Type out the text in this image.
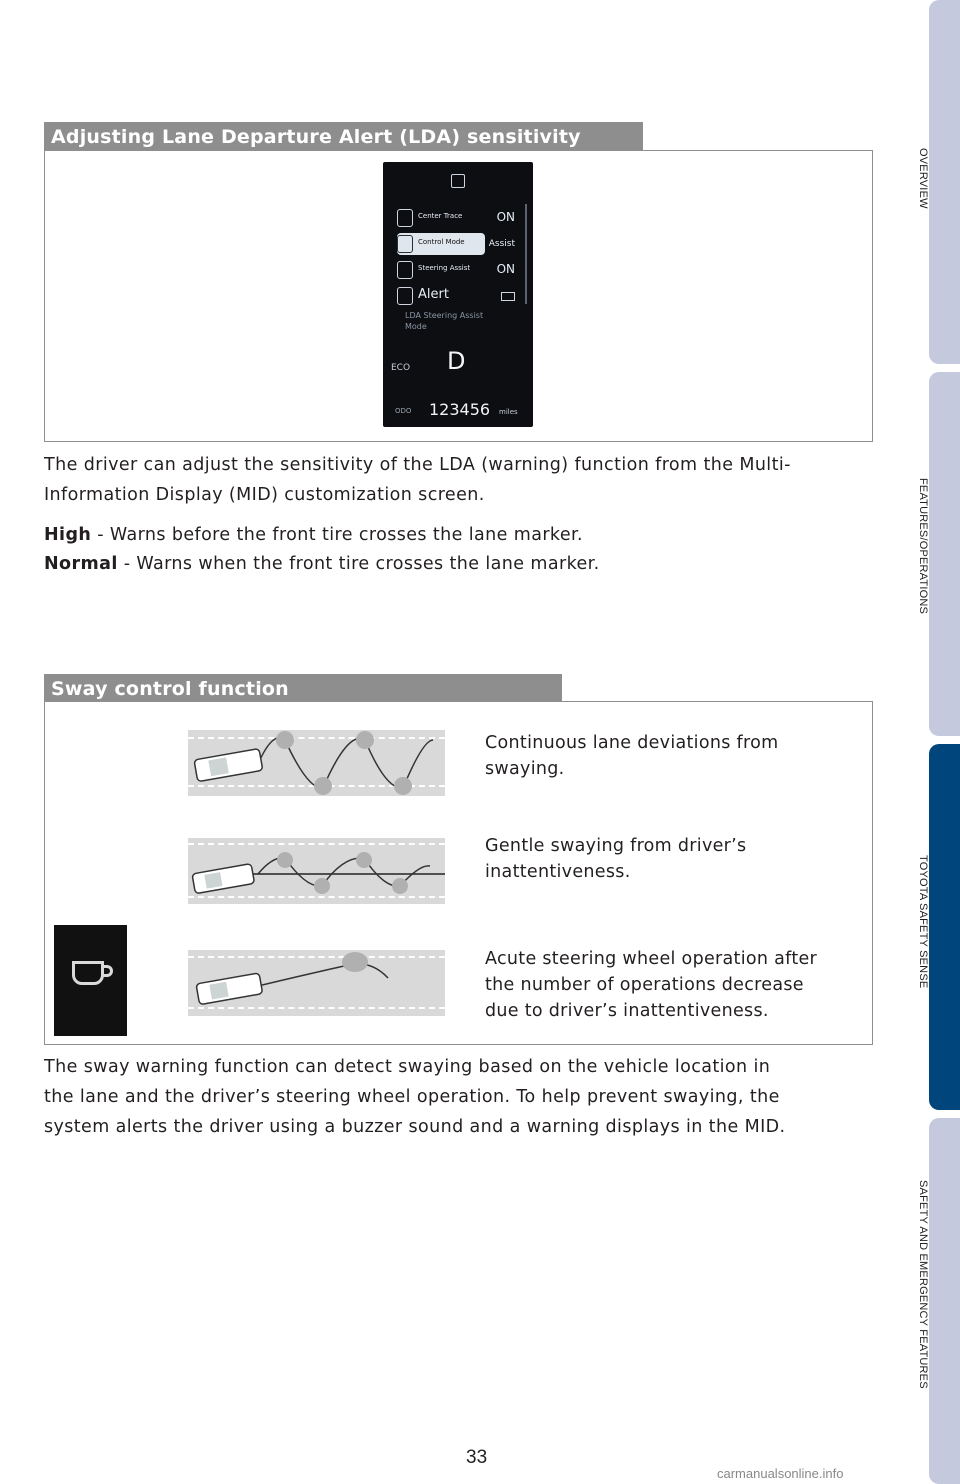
Adjusting Lane Departure Alert (LDA) sensitivity
Center Trace	ON
Control Mode	Assist
Steering Assist ON
Alert
LDA Steering Assist Mode
ECO D
ODO 123456 miles
The driver can adjust the sensitivity of the LDA (warning) function from the Multi-
Information Display (MID) customization screen.
High - Warns before the front tire crosses the lane marker.
Normal - Warns when the front tire crosses the lane marker.
Sway control function
Continuous lane deviations from
swaying.
Gentle swaying from driver’s
inattentiveness.
Acute steering wheel operation after
the number of operations decrease
due to driver’s inattentiveness.
The sway warning function can detect swaying based on the vehicle location in
the lane and the driver’s steering wheel operation. To help prevent swaying, the
system alerts the driver using a buzzer sound and a warning displays in the MID.
OVERVIEW
FEATURES/OPERATIONS
TOYOTA SAFETY SENSE
SAFETY AND EMERGENCY FEATURES
33
carmanualsonline.info
